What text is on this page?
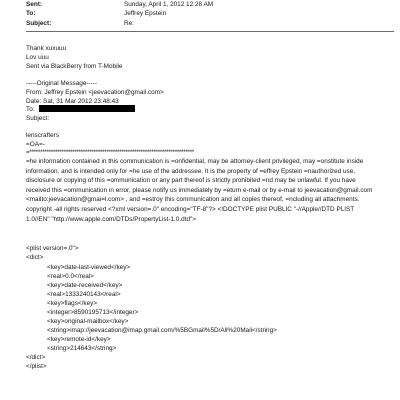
Sent:	Sunday, April 1, 2012 12:28 AM
To:	Jeffrey Epstein
Subject:	Re:
Thank xuxuuu
Lov uuu
Sent via BlackBerry from T-Mobile
-----Original Message-----
From: Jeffrey Epstein <jeevacation@gmail.com>
Date: Sat, 31 Mar 2012 23:48:43
To:
Subject:
lenscrafters
=OA=-
=*****************************************************************************
=he information contained in this communication is =onfidential, may be attorney-client privileged, may =onstitute inside information, and is intended only for =he use of the addressee. It is the property of =effrey Epstein =nauthorized use, disclosure or copying of this =ommunication or any part thereof is strictly prohibited =nd may be unlawful. If you have received this =ommunication in error, please notify us immediately by =eturn e-mail or by e-mail to jeevacation@gmail.com <mailto:jeevacation@gmai=l.com> , and =estroy this communication and all copies thereof, =ncluding all attachments. copyright -all rights reserved <?xml version=.0" encoding="TF-8"?> <!DOCTYPE plist PUBLIC "-//Apple//DTD PLIST 1.0//EN" "http://www.apple.com/DTDs/PropertyList-1.0.dtd">
<plist version=.0">
<dict>
<key>date-last-viewed</key>
<real>0.0</real>
<key>date-received</key>
<real>1333240143</real>
<key>flags</key>
<integer>8590195713</integer>
<key>original-mailbox</key>
<string>imap://jeevacation@imap.gmail.com/%5BGmail%5D/All%20Mail</string>
<key>remote-id</key>
<string>214643</string>
</dict>
</plist>
